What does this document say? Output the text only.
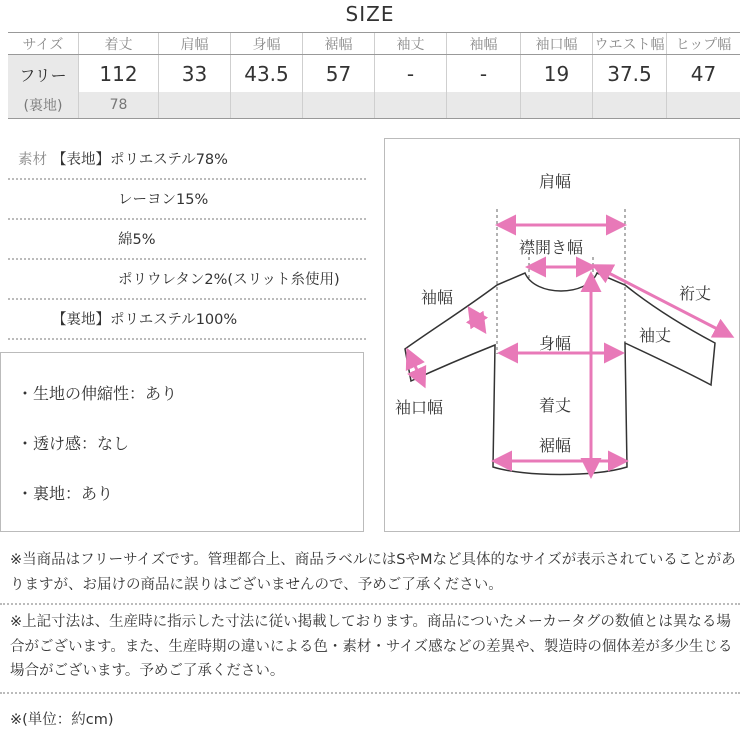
SIZE
サイズ	着丈	肩幅	身幅	裾幅	袖丈	袖幅	袖口幅	ウエスト幅 ヒップ幅
フリー	112	33	43.5	57	-	-	19	37.5	47
(裏地)	78
素材 【表地】ポリエステル78%
レーヨン15%
綿5%
ポリウレタン2%(スリット糸使用)
【裏地】ポリエステル100%
・生地の伸縮性：あり
・透け感：なし
・裏地：あり
肩幅
襟開き幅
袖幅	裄丈
袖丈
身幅
袖口幅	着丈
裾幅
※当商品はフリーサイズです。管理都合上、商品ラベルにはSやMなど具体的なサイズが表示されていることがありますが、お届けの商品に誤りはございませんので、予めご了承ください。
※上記寸法は、生産時に指示した寸法に従い掲載しております。商品についたメーカータグの数値とは異なる場合がございます。また、生産時期の違いによる色・素材・サイズ感などの差異や、製造時の個体差が多少生じる場合がございます。予めご了承ください。
※(単位：約cm)
